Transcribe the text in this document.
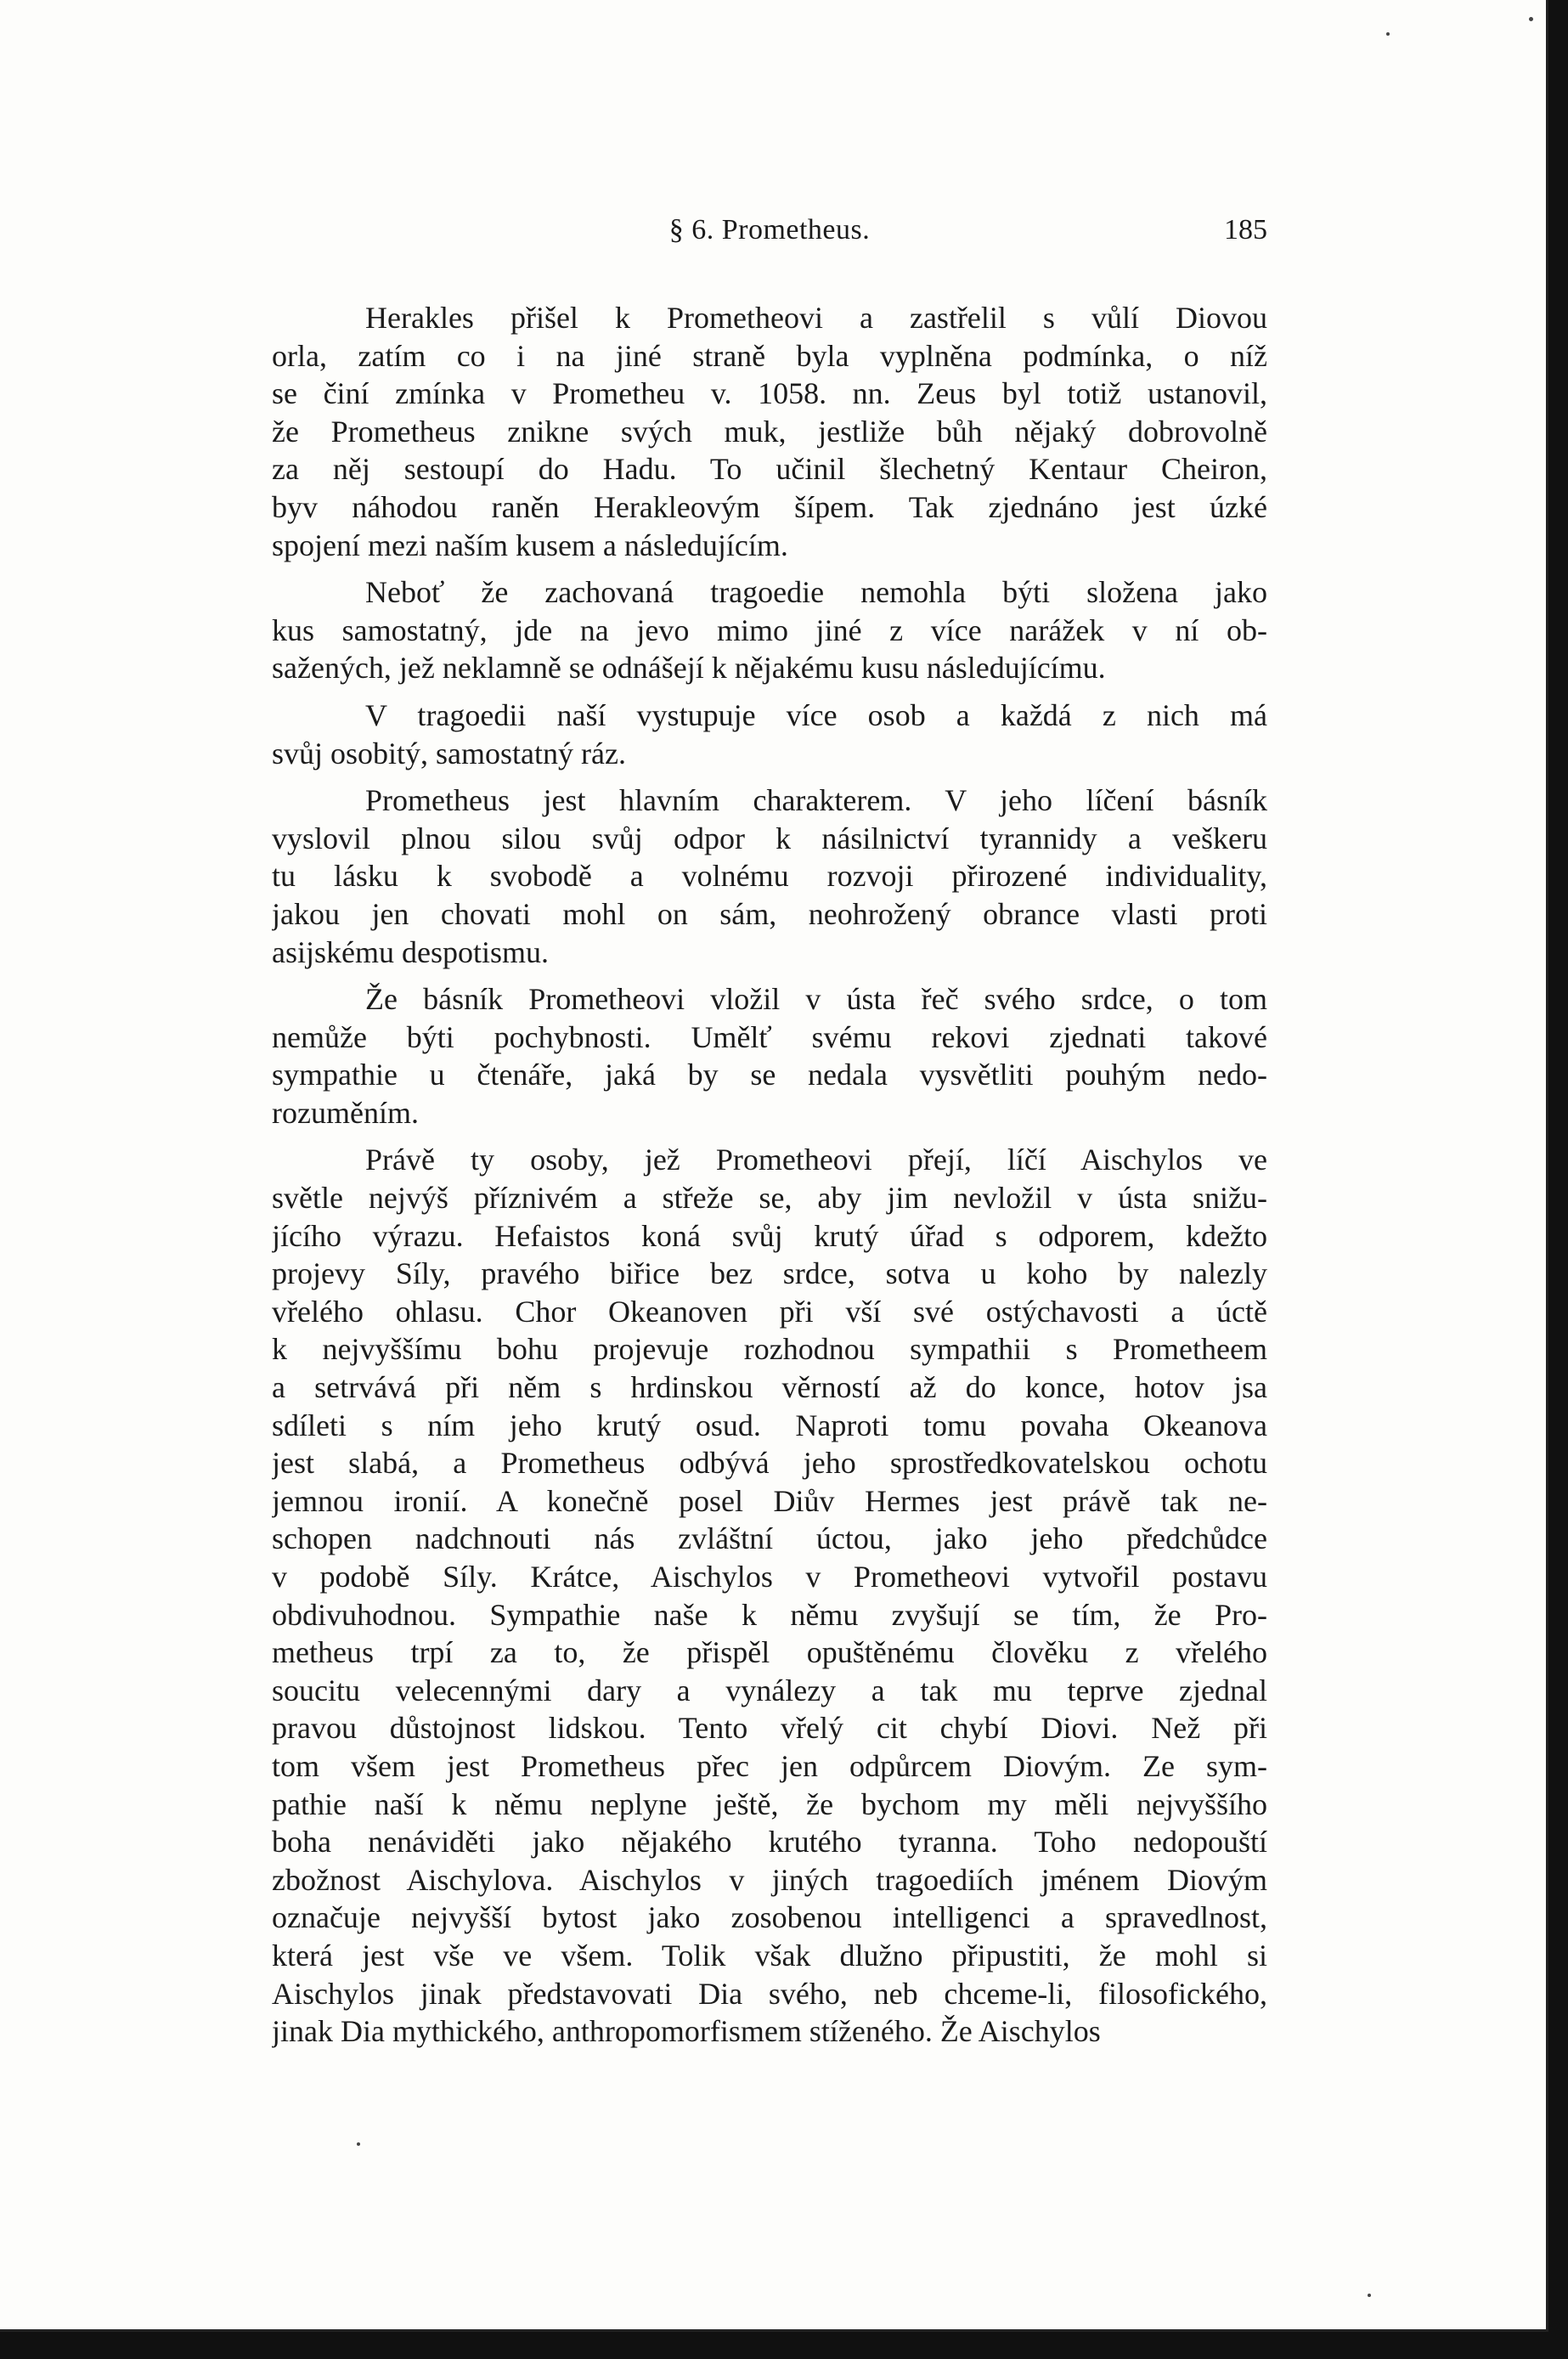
§ 6. Prometheus.	185
Herakles přišel k Prometheovi a zastřelil s vůlí Diovou
orla, zatím co i na jiné straně byla vyplněna podmínka, o níž
se činí zmínka v Prometheu v. 1058. nn. Zeus byl totiž ustanovil,
že Prometheus znikne svých muk, jestliže bůh nějaký dobrovolně
za něj sestoupí do Hadu. To učinil šlechetný Kentaur Cheiron,
byv náhodou raněn Herakleovým šípem. Tak zjednáno jest úzké
spojení mezi naším kusem a následujícím.
Neboť že zachovaná tragoedie nemohla býti složena jako
kus samostatný, jde na jevo mimo jiné z více narážek v ní ob-
sažených, jež neklamně se odnášejí k nějakému kusu následujícímu.
V tragoedii naší vystupuje více osob a každá z nich má
svůj osobitý, samostatný ráz.
Prometheus jest hlavním charakterem. V jeho líčení básník
vyslovil plnou silou svůj odpor k násilnictví tyrannidy a veškeru
tu lásku k svobodě a volnému rozvoji přirozené individuality,
jakou jen chovati mohl on sám, neohrožený obrance vlasti proti
asijskému despotismu.
Že básník Prometheovi vložil v ústa řeč svého srdce, o tom
nemůže býti pochybnosti. Umělť svému rekovi zjednati takové
sympathie u čtenáře, jaká by se nedala vysvětliti pouhým nedo-
rozuměním.
Právě ty osoby, jež Prometheovi přejí, líčí Aischylos ve
světle nejvýš příznivém a střeže se, aby jim nevložil v ústa snižu-
jícího výrazu. Hefaistos koná svůj krutý úřad s odporem, kdežto
projevy Síly, pravého biřice bez srdce, sotva u koho by nalezly
vřelého ohlasu. Chor Okeanoven při vší své ostýchavosti a úctě
k nejvyššímu bohu projevuje rozhodnou sympathii s Prometheem
a setrvává při něm s hrdinskou věrností až do konce, hotov jsa
sdíleti s ním jeho krutý osud. Naproti tomu povaha Okeanova
jest slabá, a Prometheus odbývá jeho sprostředkovatelskou ochotu
jemnou ironií. A konečně posel Diův Hermes jest právě tak ne-
schopen nadchnouti nás zvláštní úctou, jako jeho předchůdce
v podobě Síly. Krátce, Aischylos v Prometheovi vytvořil postavu
obdivuhodnou. Sympathie naše k němu zvyšují se tím, že Pro-
metheus trpí za to, že přispěl opuštěnému člověku z vřelého
soucitu velecennými dary a vynálezy a tak mu teprve zjednal
pravou důstojnost lidskou. Tento vřelý cit chybí Diovi. Než při
tom všem jest Prometheus přec jen odpůrcem Diovým. Ze sym-
pathie naší k němu neplyne ještě, že bychom my měli nejvyššího
boha nenáviděti jako nějakého krutého tyranna. Toho nedopouští
zbožnost Aischylova. Aischylos v jiných tragoediích jménem Diovým
označuje nejvyšší bytost jako zosobenou intelligenci a spravedlnost,
která jest vše ve všem. Tolik však dlužno připustiti, že mohl si
Aischylos jinak představovati Dia svého, neb chceme-li, filosofického,
jinak Dia mythického, anthropomorfismem stíženého. Že Aischylos
